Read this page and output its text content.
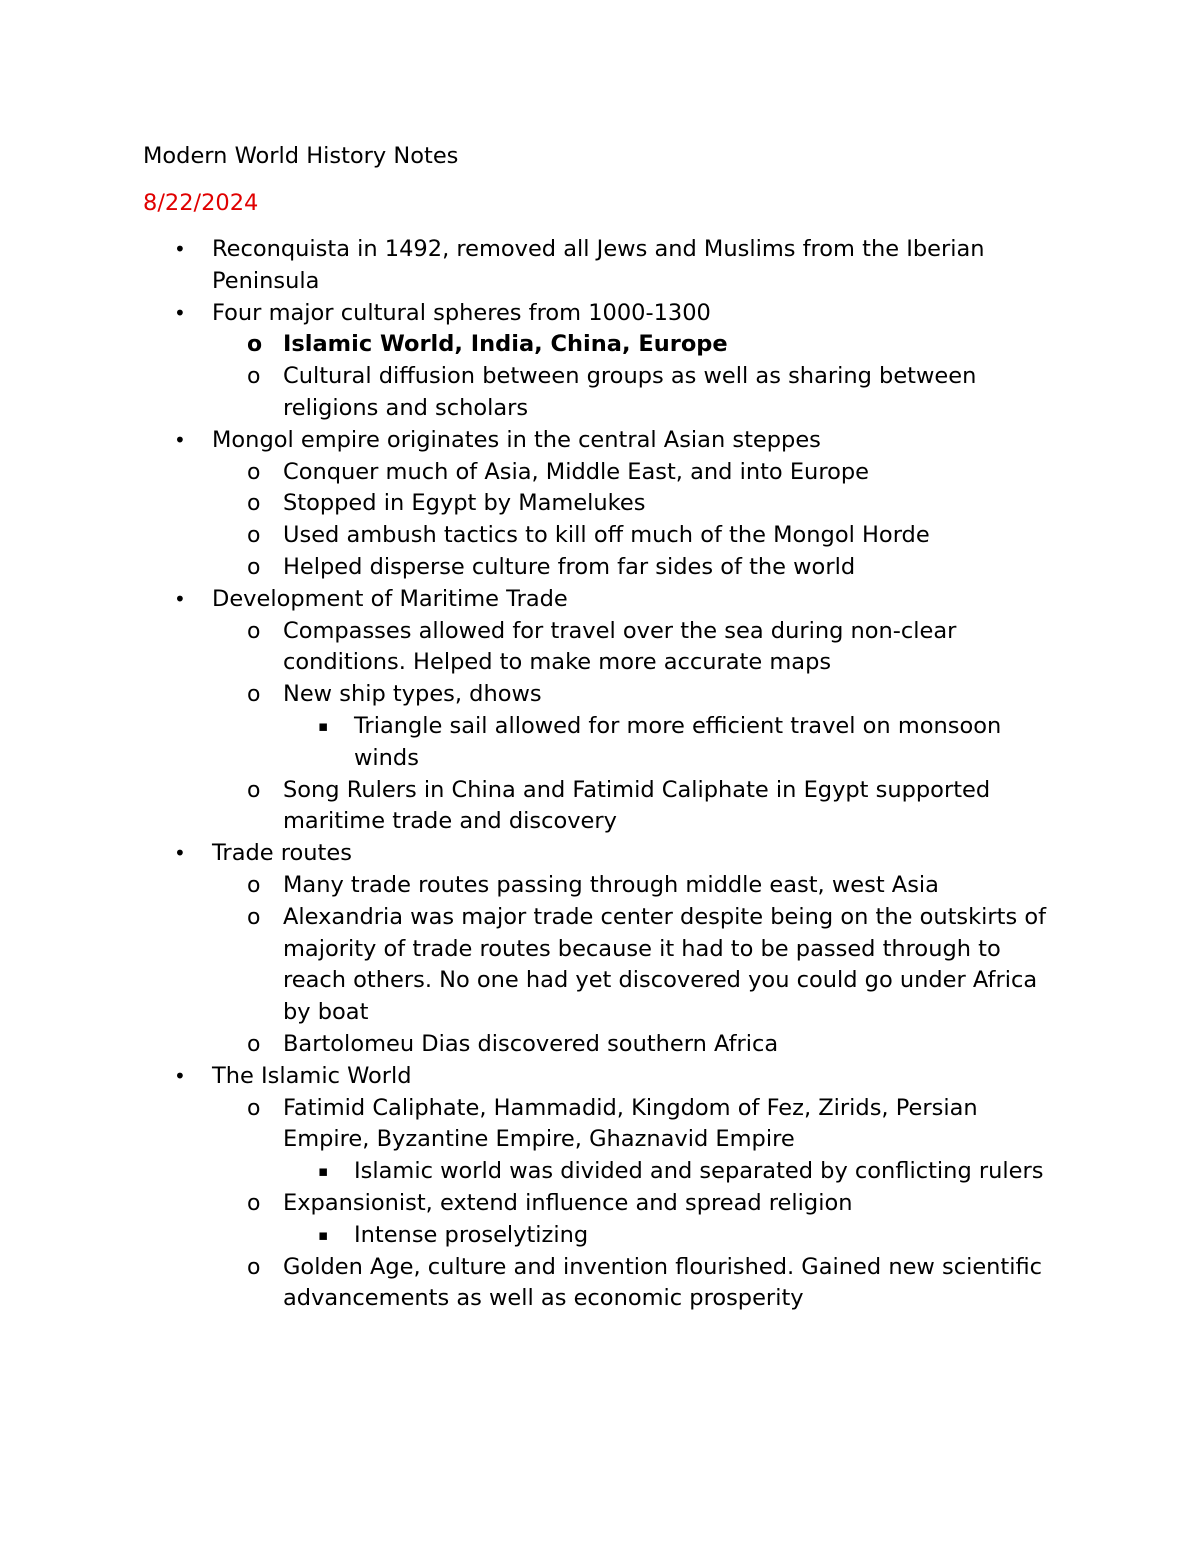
Modern World History Notes
8/22/2024
• Reconquista in 1492, removed all Jews and Muslims from the Iberian Peninsula
• Four major cultural spheres from 1000-1300
o Islamic World, India, China, Europe
o Cultural diffusion between groups as well as sharing between religions and scholars
• Mongol empire originates in the central Asian steppes
o Conquer much of Asia, Middle East, and into Europe
o Stopped in Egypt by Mamelukes
o Used ambush tactics to kill off much of the Mongol Horde
o Helped disperse culture from far sides of the world
• Development of Maritime Trade
o Compasses allowed for travel over the sea during non-clear conditions. Helped to make more accurate maps
o New ship types, dhows
▪ Triangle sail allowed for more efficient travel on monsoon winds
o Song Rulers in China and Fatimid Caliphate in Egypt supported maritime trade and discovery
• Trade routes
o Many trade routes passing through middle east, west Asia
o Alexandria was major trade center despite being on the outskirts of majority of trade routes because it had to be passed through to reach others. No one had yet discovered you could go under Africa by boat
o Bartolomeu Dias discovered southern Africa
• The Islamic World
o Fatimid Caliphate, Hammadid, Kingdom of Fez, Zirids, Persian Empire, Byzantine Empire, Ghaznavid Empire
▪ Islamic world was divided and separated by conflicting rulers
o Expansionist, extend influence and spread religion
▪ Intense proselytizing
o Golden Age, culture and invention flourished. Gained new scientific advancements as well as economic prosperity
